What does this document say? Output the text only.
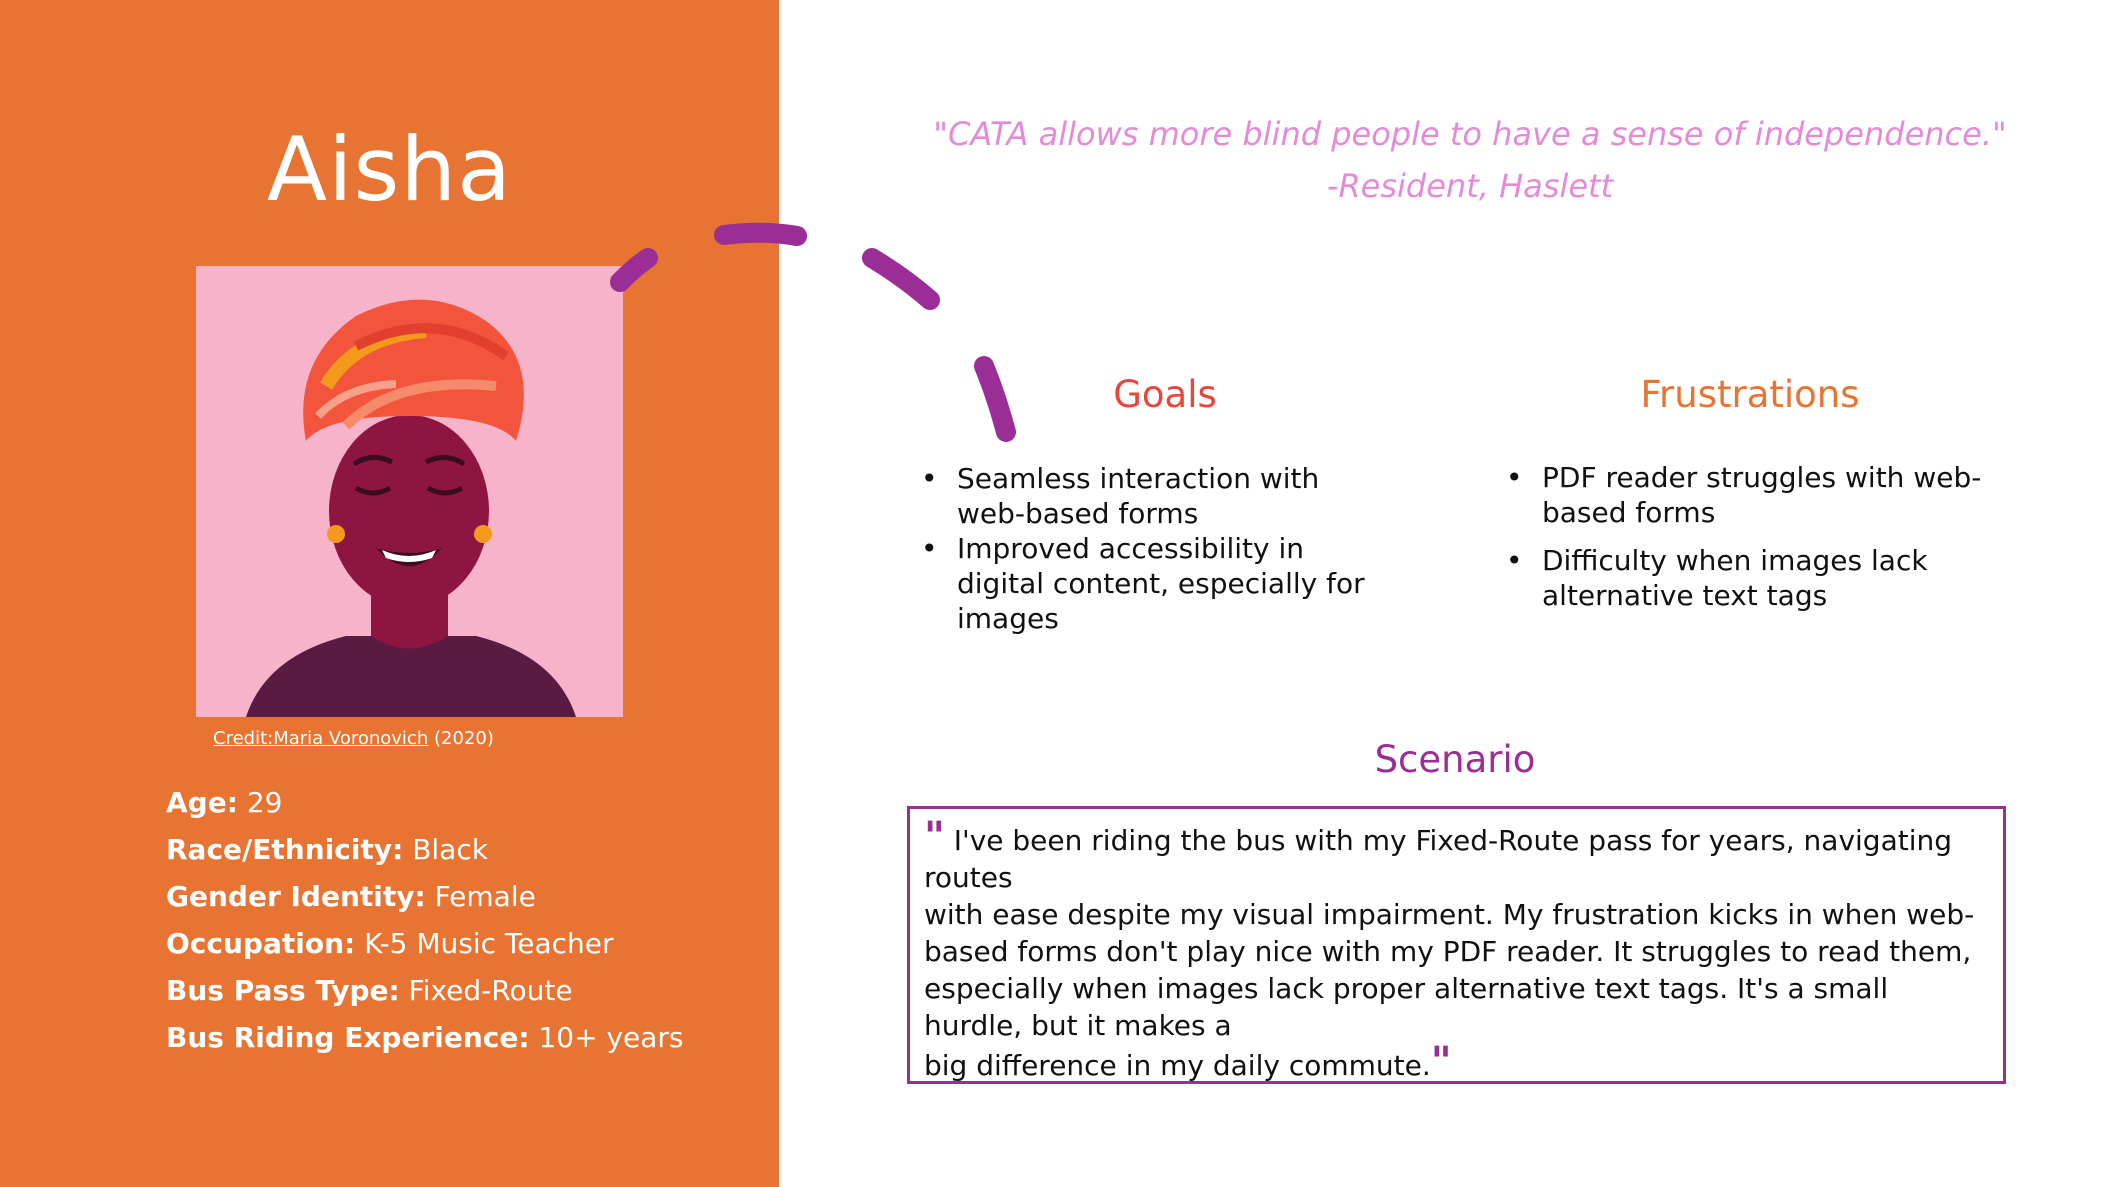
Aisha
Credit:Maria Voronovich (2020)
Age: 29
Race/Ethnicity: Black
Gender Identity: Female
Occupation: K-5 Music Teacher
Bus Pass Type: Fixed-Route
Bus Riding Experience: 10+ years
"CATA allows more blind people to have a sense of independence."
-Resident, Haslett
Goals
• Seamless interaction with web-based forms
• Improved accessibility in digital content, especially for images
Frustrations
• PDF reader struggles with web-based forms
• Difficulty when images lack alternative text tags
Scenario
" I've been riding the bus with my Fixed-Route pass for years, navigating routes
with ease despite my visual impairment. My frustration kicks in when web-based forms don't play nice with my PDF reader. It struggles to read them, especially when images lack proper alternative text tags. It's a small hurdle, but it makes a
big difference in my daily commute."
